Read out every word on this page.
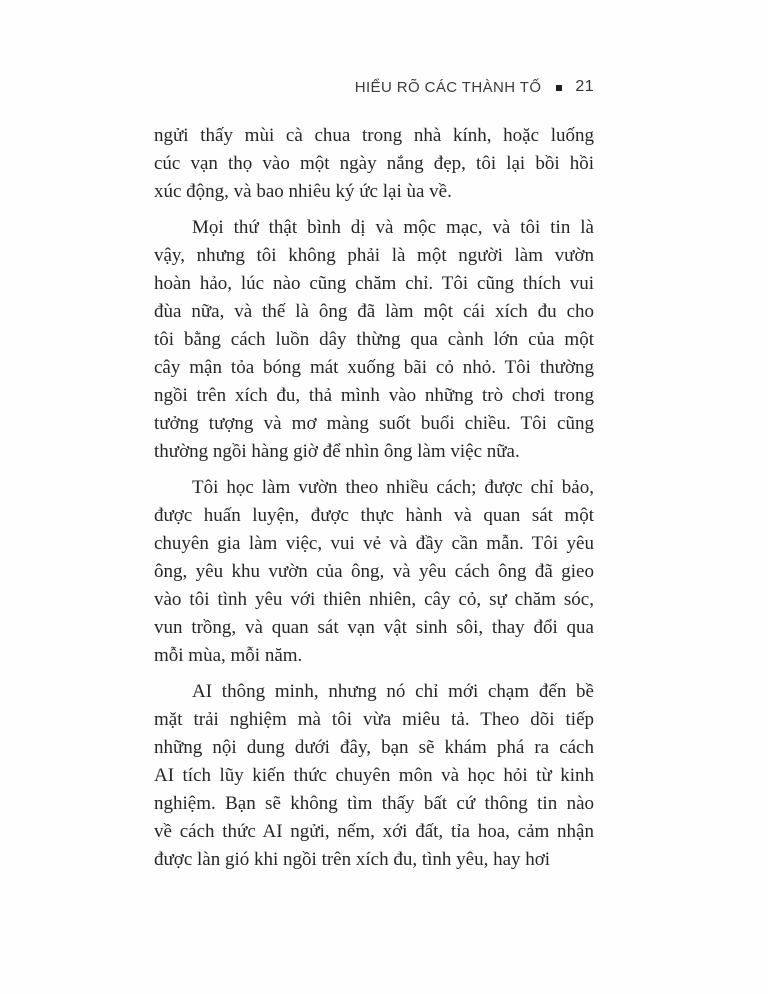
HIỂU RÕ CÁC THÀNH TỐ 21

ngửi thấy mùi cà chua trong nhà kính, hoặc luống
cúc vạn thọ vào một ngày nắng đẹp, tôi lại bồi hồi
xúc động, và bao nhiêu ký ức lại ùa về.

Mọi thứ thật bình dị và mộc mạc, và tôi tin là
vậy, nhưng tôi không phải là một người làm vườn
hoàn hảo, lúc nào cũng chăm chỉ. Tôi cũng thích vui
đùa nữa, và thế là ông đã làm một cái xích đu cho
tôi bằng cách luồn dây thừng qua cành lớn của một
cây mận tỏa bóng mát xuống bãi cỏ nhỏ. Tôi thường
ngồi trên xích đu, thả mình vào những trò chơi trong
tưởng tượng và mơ màng suốt buổi chiều. Tôi cũng
thường ngồi hàng giờ để nhìn ông làm việc nữa.

Tôi học làm vườn theo nhiều cách; được chỉ bảo,
được huấn luyện, được thực hành và quan sát một
chuyên gia làm việc, vui vẻ và đầy cần mẫn. Tôi yêu
ông, yêu khu vườn của ông, và yêu cách ông đã gieo
vào tôi tình yêu với thiên nhiên, cây cỏ, sự chăm sóc,
vun trồng, và quan sát vạn vật sinh sôi, thay đổi qua
mỗi mùa, mỗi năm.

AI thông minh, nhưng nó chỉ mới chạm đến bề
mặt trải nghiệm mà tôi vừa miêu tả. Theo dõi tiếp
những nội dung dưới đây, bạn sẽ khám phá ra cách
AI tích lũy kiến thức chuyên môn và học hỏi từ kinh
nghiệm. Bạn sẽ không tìm thấy bất cứ thông tin nào
về cách thức AI ngửi, nếm, xới đất, tỉa hoa, cảm nhận
được làn gió khi ngồi trên xích đu, tình yêu, hay hơi
